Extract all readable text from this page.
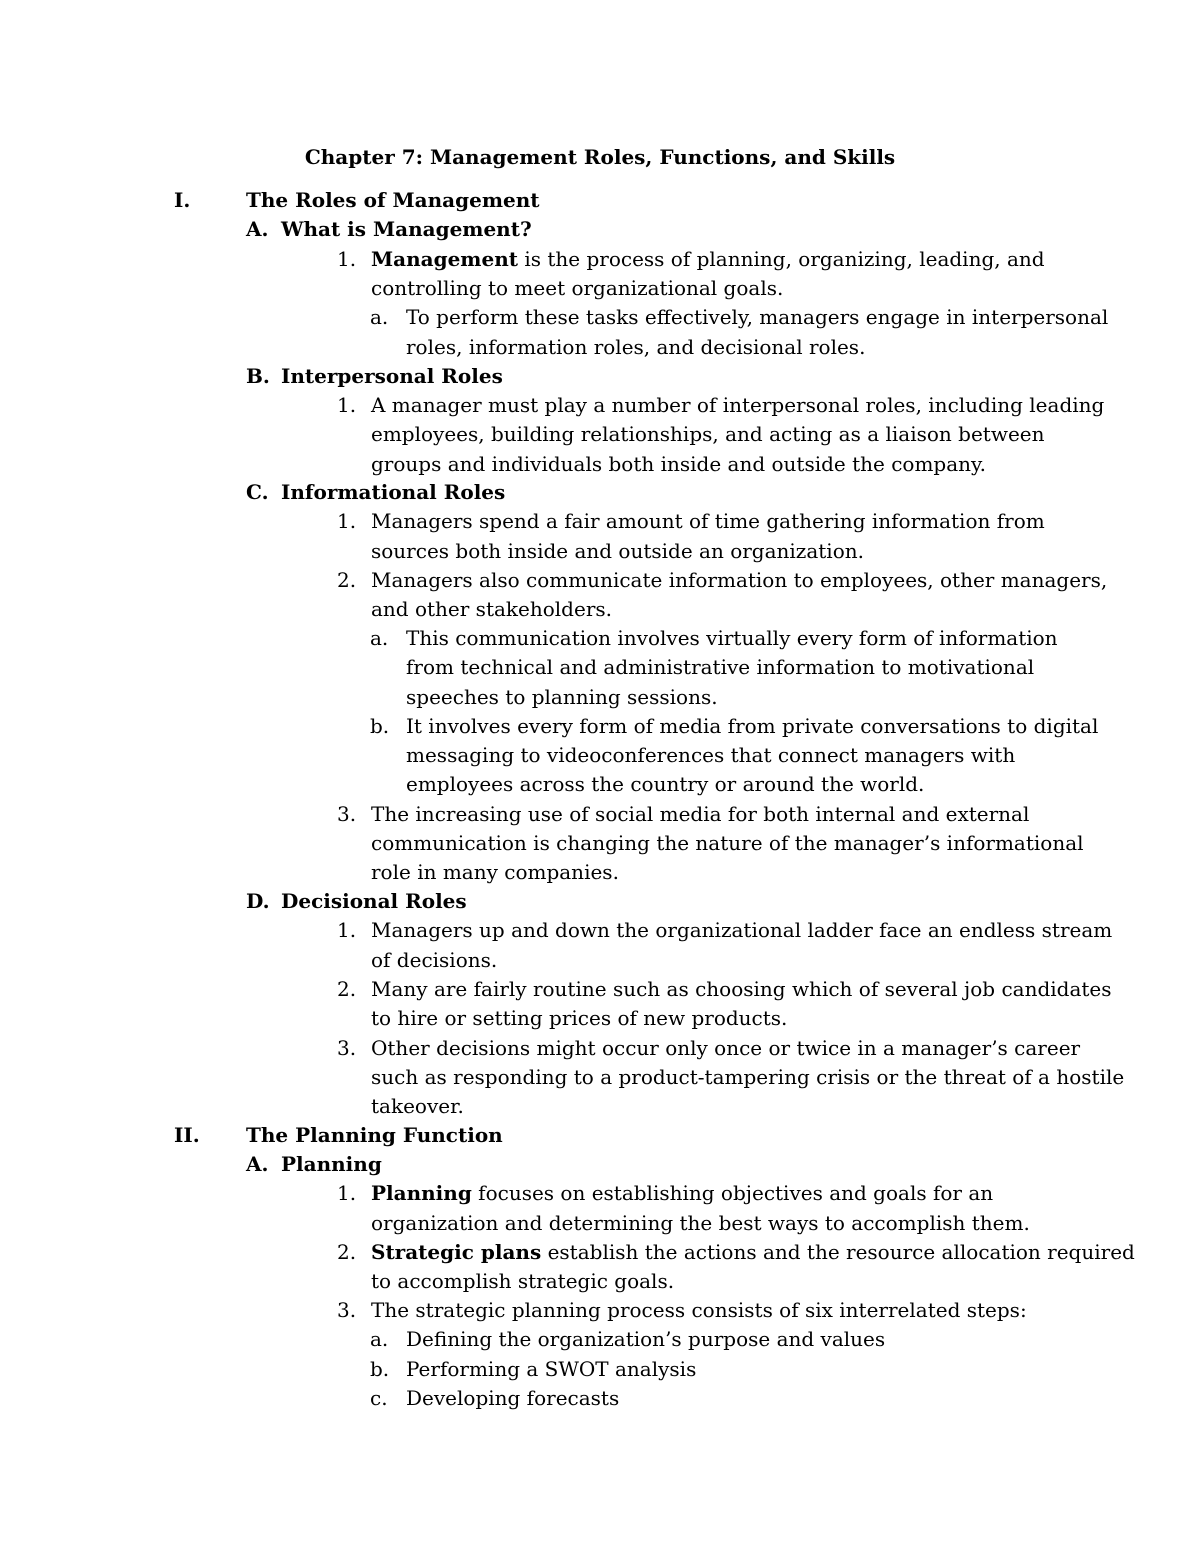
Chapter 7: Management Roles, Functions, and Skills
I.	The Roles of Management
A. What is Management?
1. Management is the process of planning, organizing, leading, and
controlling to meet organizational goals.
a. To perform these tasks effectively, managers engage in interpersonal
roles, information roles, and decisional roles.
B. Interpersonal Roles
1. A manager must play a number of interpersonal roles, including leading
employees, building relationships, and acting as a liaison between
groups and individuals both inside and outside the company.
C. Informational Roles
1. Managers spend a fair amount of time gathering information from
sources both inside and outside an organization.
2. Managers also communicate information to employees, other managers,
and other stakeholders.
a. This communication involves virtually every form of information
from technical and administrative information to motivational
speeches to planning sessions.
b. It involves every form of media from private conversations to digital
messaging to videoconferences that connect managers with
employees across the country or around the world.
3. The increasing use of social media for both internal and external
communication is changing the nature of the manager’s informational
role in many companies.
D. Decisional Roles
1. Managers up and down the organizational ladder face an endless stream
of decisions.
2. Many are fairly routine such as choosing which of several job candidates
to hire or setting prices of new products.
3. Other decisions might occur only once or twice in a manager’s career
such as responding to a product-tampering crisis or the threat of a hostile
takeover.
II. The Planning Function
A. Planning
1. Planning focuses on establishing objectives and goals for an
organization and determining the best ways to accomplish them.
2. Strategic plans establish the actions and the resource allocation required
to accomplish strategic goals.
3. The strategic planning process consists of six interrelated steps:
a. Defining the organization’s purpose and values
b. Performing a SWOT analysis
c. Developing forecasts
